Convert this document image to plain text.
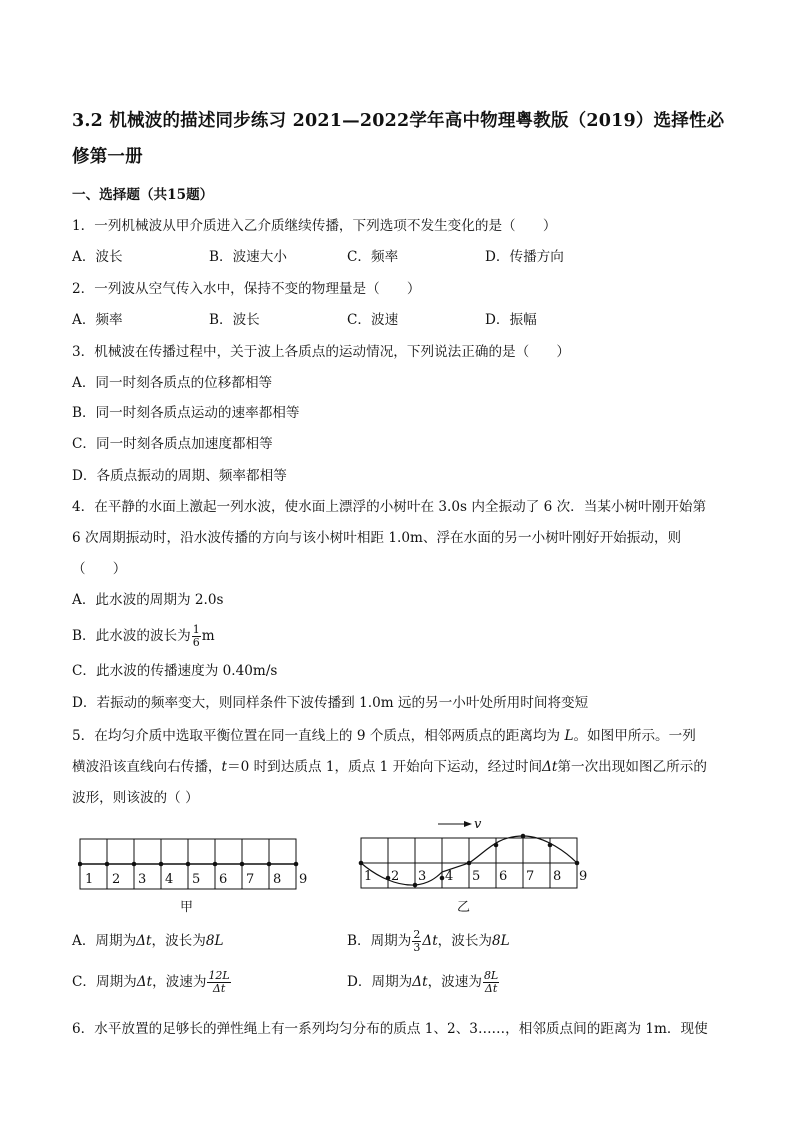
3.2 机械波的描述同步练习 2021—2022学年高中物理粤教版（2019）选择性必修第一册
一、选择题（共15题）
1．一列机械波从甲介质进入乙介质继续传播，下列选项不发生变化的是（　　）
A．波长	B．波速大小	C．频率	D．传播方向
2．一列波从空气传入水中，保持不变的物理量是（　　）
A．频率	B．波长	C．波速	D．振幅
3．机械波在传播过程中，关于波上各质点的运动情况，下列说法正确的是（　　）
A．同一时刻各质点的位移都相等
B．同一时刻各质点运动的速率都相等
C．同一时刻各质点加速度都相等
D．各质点振动的周期、频率都相等
4．在平静的水面上激起一列水波，使水面上漂浮的小树叶在 3.0s 内全振动了 6 次．当某小树叶刚开始第
6 次周期振动时，沿水波传播的方向与该小树叶相距 1.0m、浮在水面的另一小树叶刚好开始振动，则
（　　）
A．此水波的周期为 2.0s
B．此水波的波长为 $\frac{1}{6}$ m
C．此水波的传播速度为 0.40m/s
D．若振动的频率变大，则同样条件下波传播到 1.0m 远的另一小叶处所用时间将变短
5．在均匀介质中选取平衡位置在同一直线上的 9 个质点，相邻两质点的距离均为 L。如图甲所示。一列
横波沿该直线向右传播，t＝0 时到达质点 1，质点 1 开始向下运动，经过时间Δt第一次出现如图乙所示的
波形，则该波的（ ）
1 2 3 4 5 6 7 8 9
甲
v
1 2 3 4 5 6 7 8 9
乙
A．周期为Δt，波长为8L	B．周期为 $\frac{2}{3}$ Δt，波长为8L
C．周期为Δt，波速为 $\frac{12L}{\Delta t}$	D．周期为Δt，波速为 $\frac{8L}{\Delta t}$
6．水平放置的足够长的弹性绳上有一系列均匀分布的质点 1、2、3……，相邻质点间的距离为 1m．现使
